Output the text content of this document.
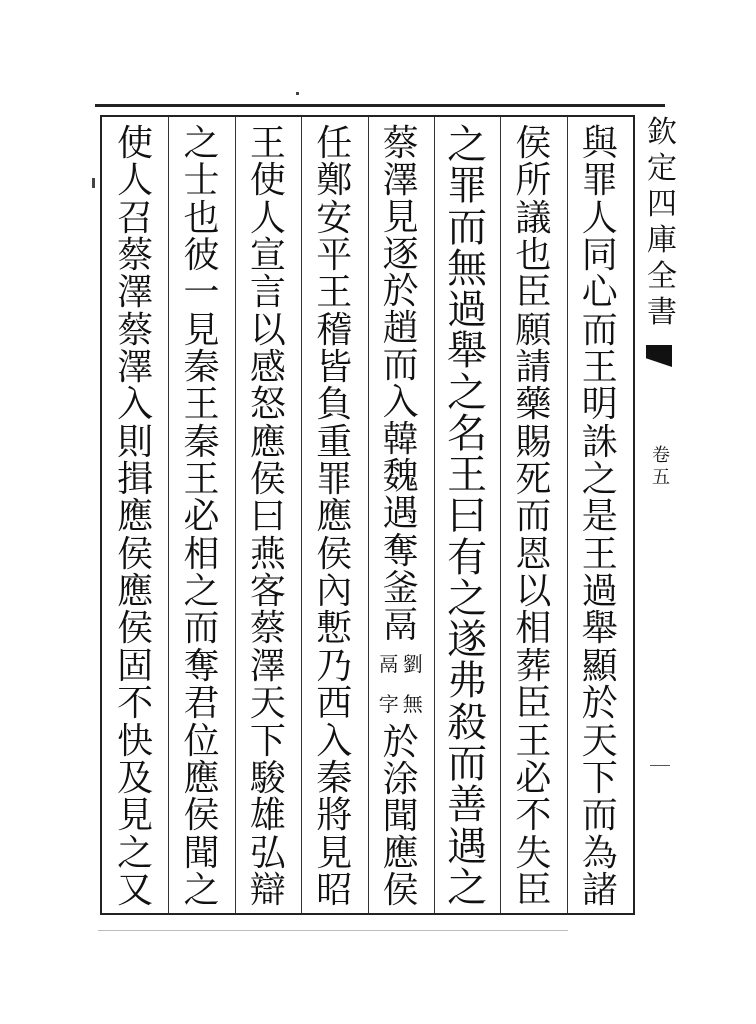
與
罪
人
同
心
而
王
明
誅
之
是
王
過
舉
顯
於
天
下
而
為
諸
侯
所
議
也
臣
願
請
藥
賜
死
而
恩
以
相
葬
臣
王
必
不
失
臣
之
罪
而
無
過
舉
之
名
王
曰
有
之
遂
弗
殺
而
善
遇
之
蔡
澤
見
逐
於
趙
而
入
韓
魏
遇
奪
釜
鬲
劉
無
鬲
字
於
涂
聞
應
侯
任
鄭
安
平
王
稽
皆
負
重
罪
應
侯
內
慙
乃
西
入
秦
將
見
昭
王
使
人
宣
言
以
感
怒
應
侯
曰
燕
客
蔡
澤
天
下
駿
雄
弘
辯
之
士
也
彼
一
見
秦
王
秦
王
必
相
之
而
奪
君
位
應
侯
聞
之
使
人
召
蔡
澤
蔡
澤
入
則
揖
應
侯
應
侯
固
不
快
及
見
之
又
欽
定
四
庫
全
書
卷
五
